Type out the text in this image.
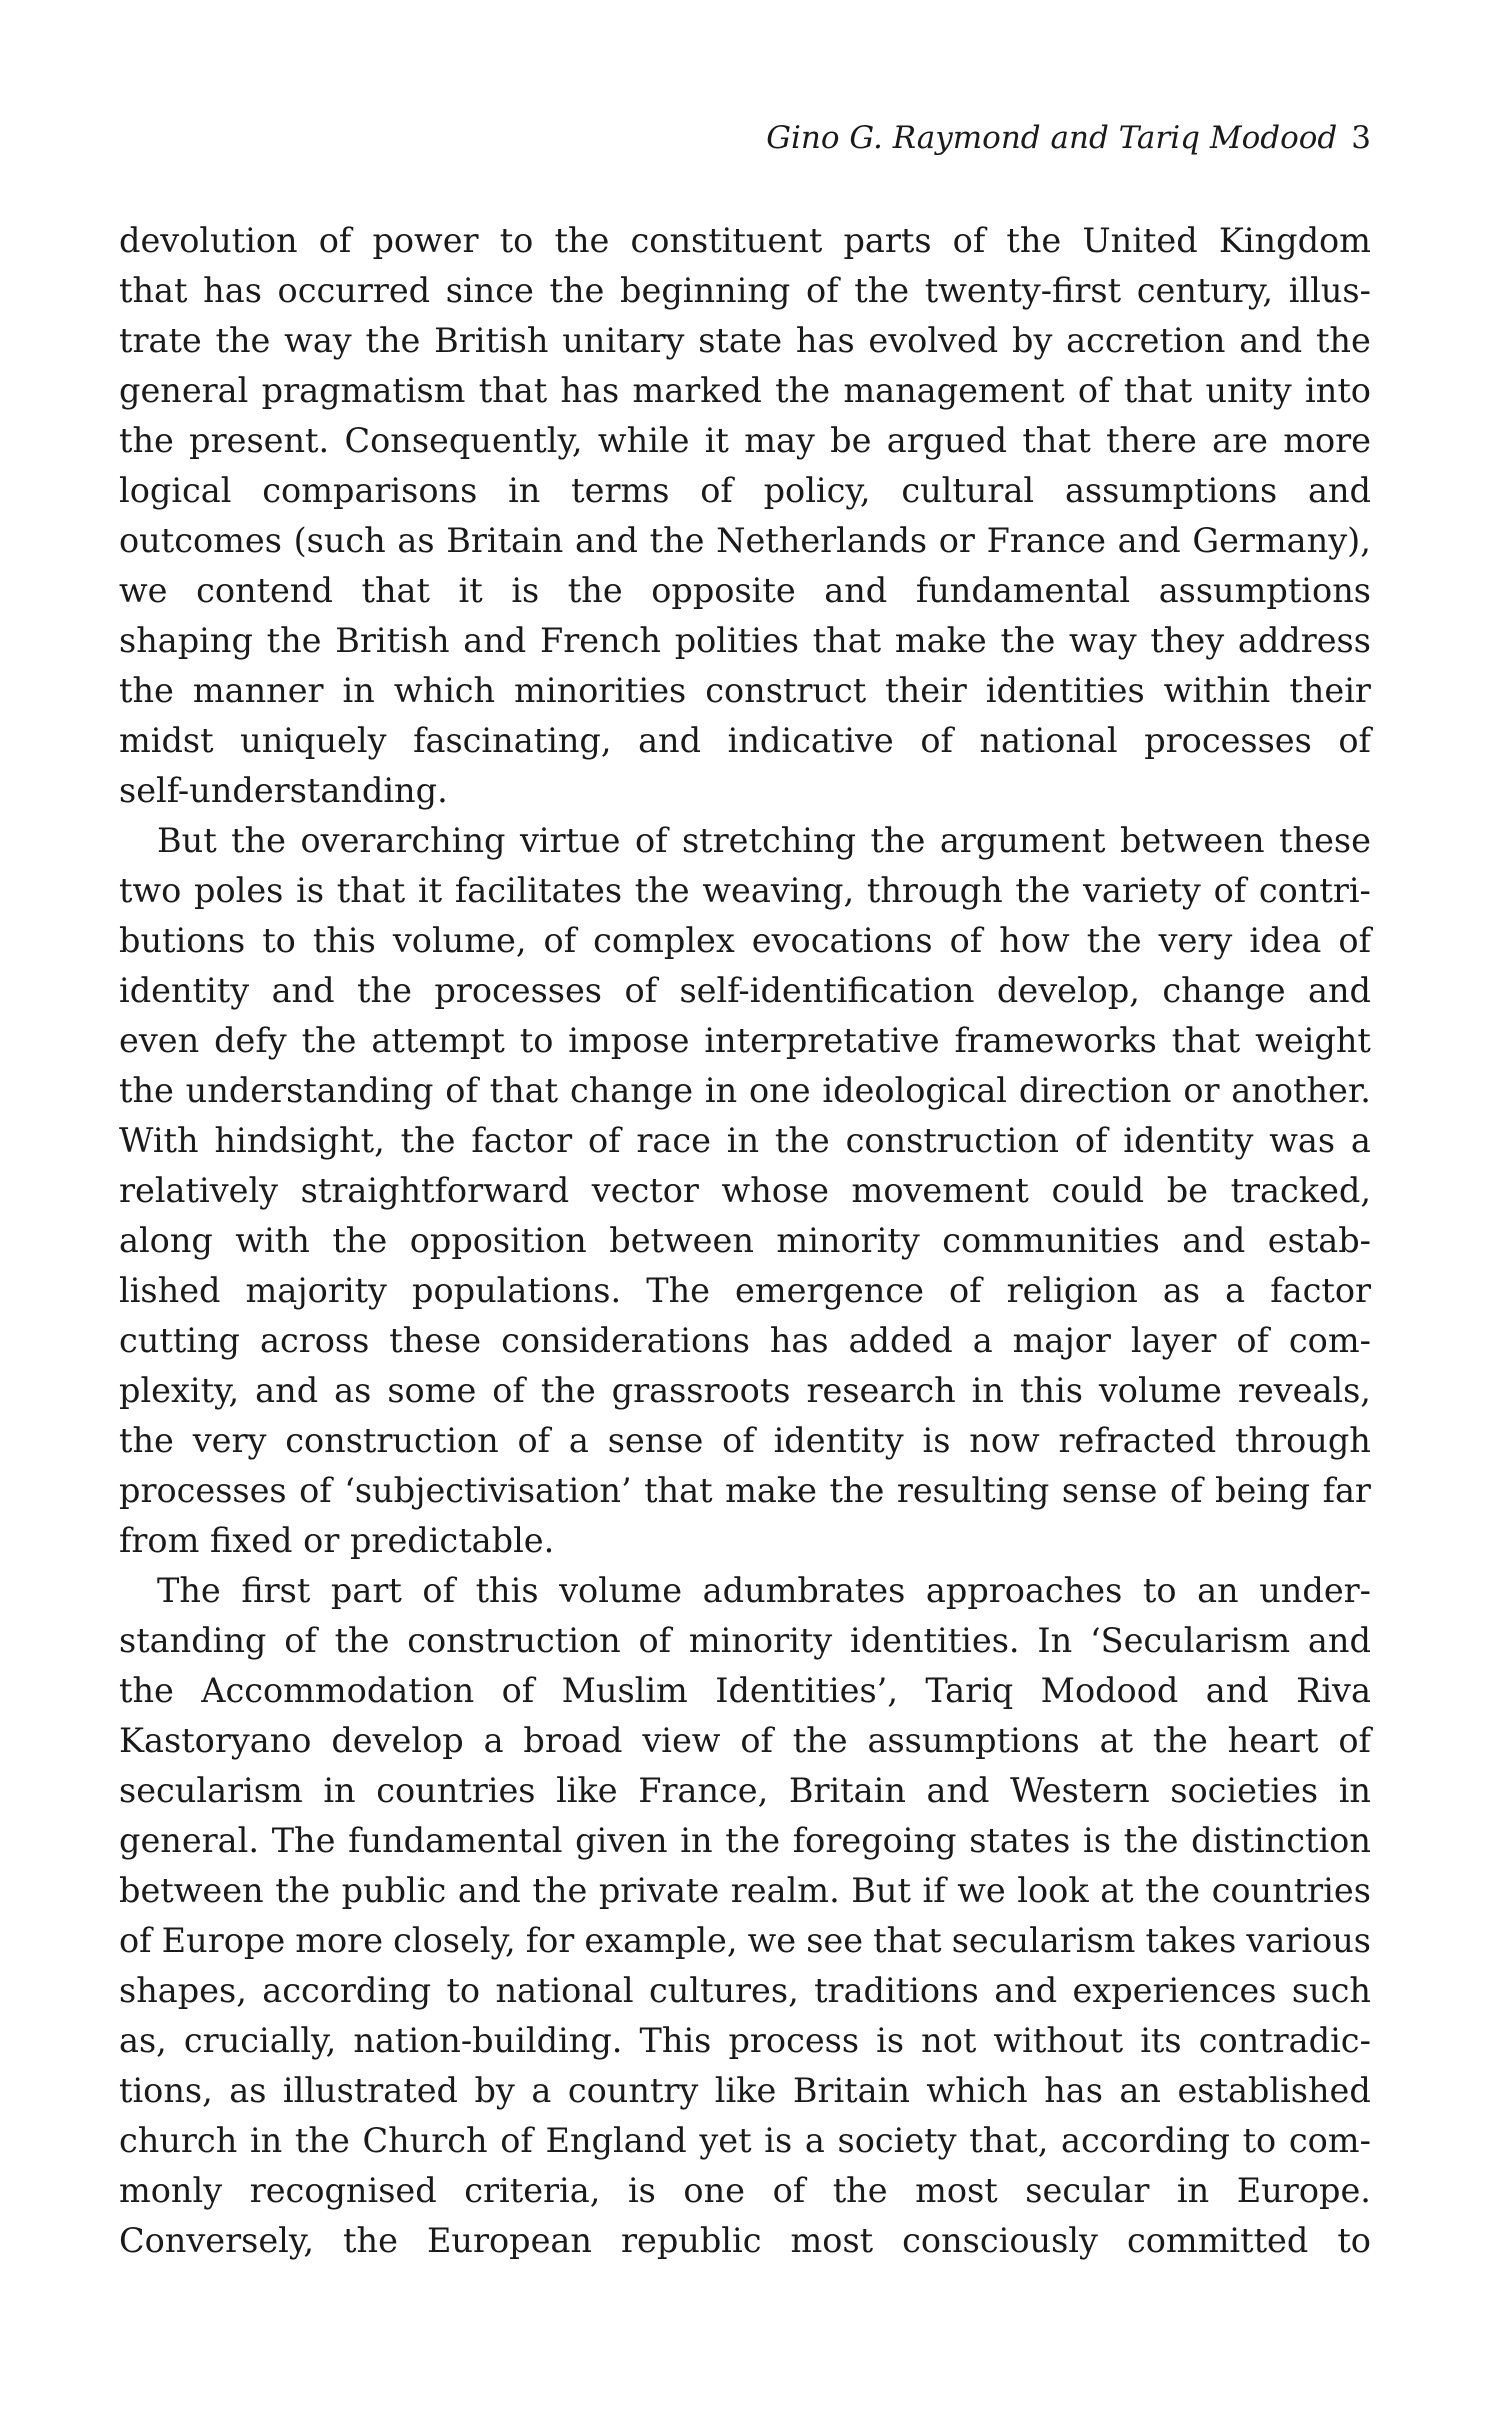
Gino G. Raymond and Tariq Modood 3
devolution of power to the constituent parts of the United Kingdom
that has occurred since the beginning of the twenty-first century, illus-
trate the way the British unitary state has evolved by accretion and the
general pragmatism that has marked the management of that unity into
the present. Consequently, while it may be argued that there are more
logical comparisons in terms of policy, cultural assumptions and
outcomes (such as Britain and the Netherlands or France and Germany),
we contend that it is the opposite and fundamental assumptions
shaping the British and French polities that make the way they address
the manner in which minorities construct their identities within their
midst uniquely fascinating, and indicative of national processes of
self-understanding.
But the overarching virtue of stretching the argument between these
two poles is that it facilitates the weaving, through the variety of contri-
butions to this volume, of complex evocations of how the very idea of
identity and the processes of self-identification develop, change and
even defy the attempt to impose interpretative frameworks that weight
the understanding of that change in one ideological direction or another.
With hindsight, the factor of race in the construction of identity was a
relatively straightforward vector whose movement could be tracked,
along with the opposition between minority communities and estab-
lished majority populations. The emergence of religion as a factor
cutting across these considerations has added a major layer of com-
plexity, and as some of the grassroots research in this volume reveals,
the very construction of a sense of identity is now refracted through
processes of ‘subjectivisation’ that make the resulting sense of being far
from fixed or predictable.
The first part of this volume adumbrates approaches to an under-
standing of the construction of minority identities. In ‘Secularism and
the Accommodation of Muslim Identities’, Tariq Modood and Riva
Kastoryano develop a broad view of the assumptions at the heart of
secularism in countries like France, Britain and Western societies in
general. The fundamental given in the foregoing states is the distinction
between the public and the private realm. But if we look at the countries
of Europe more closely, for example, we see that secularism takes various
shapes, according to national cultures, traditions and experiences such
as, crucially, nation-building. This process is not without its contradic-
tions, as illustrated by a country like Britain which has an established
church in the Church of England yet is a society that, according to com-
monly recognised criteria, is one of the most secular in Europe.
Conversely, the European republic most consciously committed to
